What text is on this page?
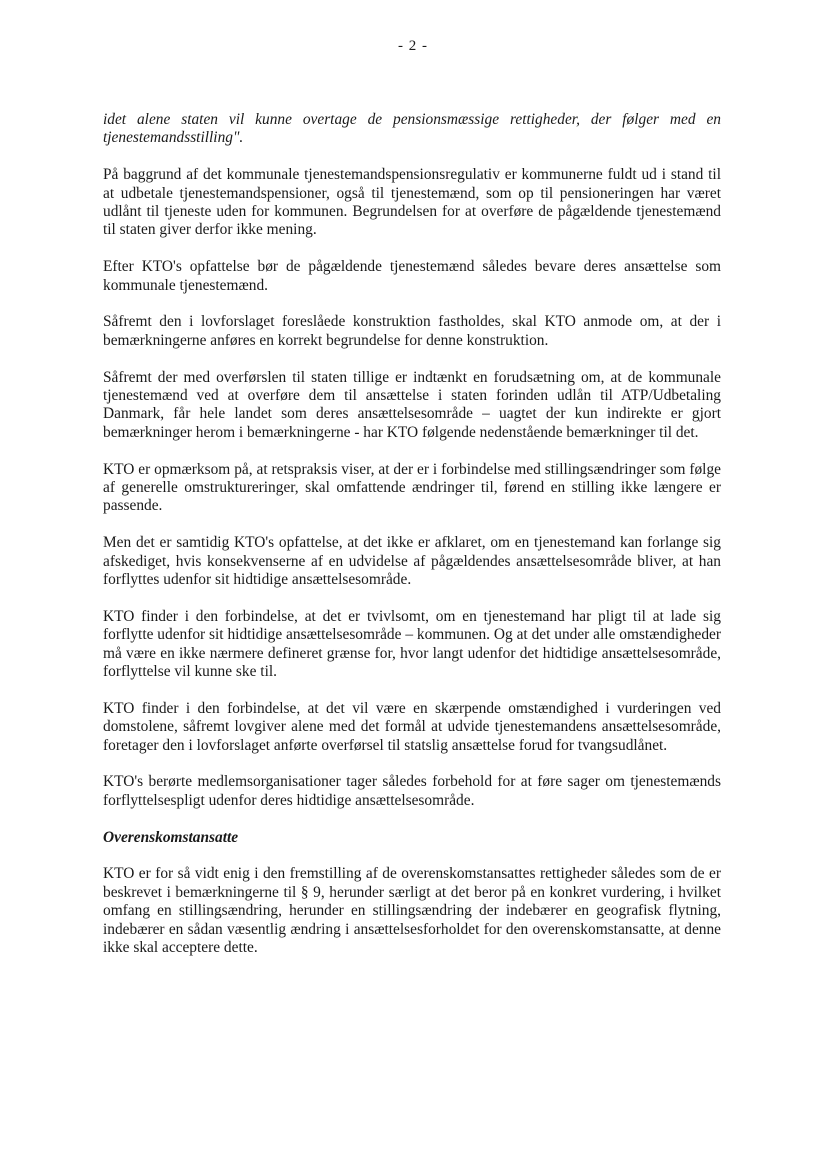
- 2 -

idet alene staten vil kunne overtage de pensionsmæssige rettigheder, der følger med en tjenestemandsstilling".

På baggrund af det kommunale tjenestemandspensionsregulativ er kommunerne fuldt ud i stand til at udbetale tjenestemandspensioner, også til tjenestemænd, som op til pensioneringen har været udlånt til tjeneste uden for kommunen. Begrundelsen for at overføre de pågældende tjenestemænd til staten giver derfor ikke mening.

Efter KTO's opfattelse bør de pågældende tjenestemænd således bevare deres ansættelse som kommunale tjenestemænd.

Såfremt den i lovforslaget foreslåede konstruktion fastholdes, skal KTO anmode om, at der i bemærkningerne anføres en korrekt begrundelse for denne konstruktion.

Såfremt der med overførslen til staten tillige er indtænkt en forudsætning om, at de kommunale tjenestemænd ved at overføre dem til ansættelse i staten forinden udlån til ATP/Udbetaling Danmark, får hele landet som deres ansættelsesområde – uagtet der kun indirekte er gjort bemærkninger herom i bemærkningerne - har KTO følgende nedenstående bemærkninger til det.

KTO er opmærksom på, at retspraksis viser, at der er i forbindelse med stillingsændringer som følge af generelle omstruktureringer, skal omfattende ændringer til, førend en stilling ikke længere er passende.

Men det er samtidig KTO's opfattelse, at det ikke er afklaret, om en tjenestemand kan forlange sig afskediget, hvis konsekvenserne af en udvidelse af pågældendes ansættelsesområde bliver, at han forflyttes udenfor sit hidtidige ansættelsesområde.

KTO finder i den forbindelse, at det er tvivlsomt, om en tjenestemand har pligt til at lade sig forflytte udenfor sit hidtidige ansættelsesområde – kommunen. Og at det under alle omstændigheder må være en ikke nærmere defineret grænse for, hvor langt udenfor det hidtidige ansættelsesområde, forflyttelse vil kunne ske til.

KTO finder i den forbindelse, at det vil være en skærpende omstændighed i vurderingen ved domstolene, såfremt lovgiver alene med det formål at udvide tjenestemandens ansættelsesområde, foretager den i lovforslaget anførte overførsel til statslig ansættelse forud for tvangsudlånet.

KTO's berørte medlemsorganisationer tager således forbehold for at føre sager om tjenestemænds forflyttelsespligt udenfor deres hidtidige ansættelsesområde.

Overenskomstansatte

KTO er for så vidt enig i den fremstilling af de overenskomstansattes rettigheder således som de er beskrevet i bemærkningerne til § 9, herunder særligt at det beror på en konkret vurdering, i hvilket omfang en stillingsændring, herunder en stillingsændring der indebærer en geografisk flytning, indebærer en sådan væsentlig ændring i ansættelsesforholdet for den overenskomstansatte, at denne ikke skal acceptere dette.
